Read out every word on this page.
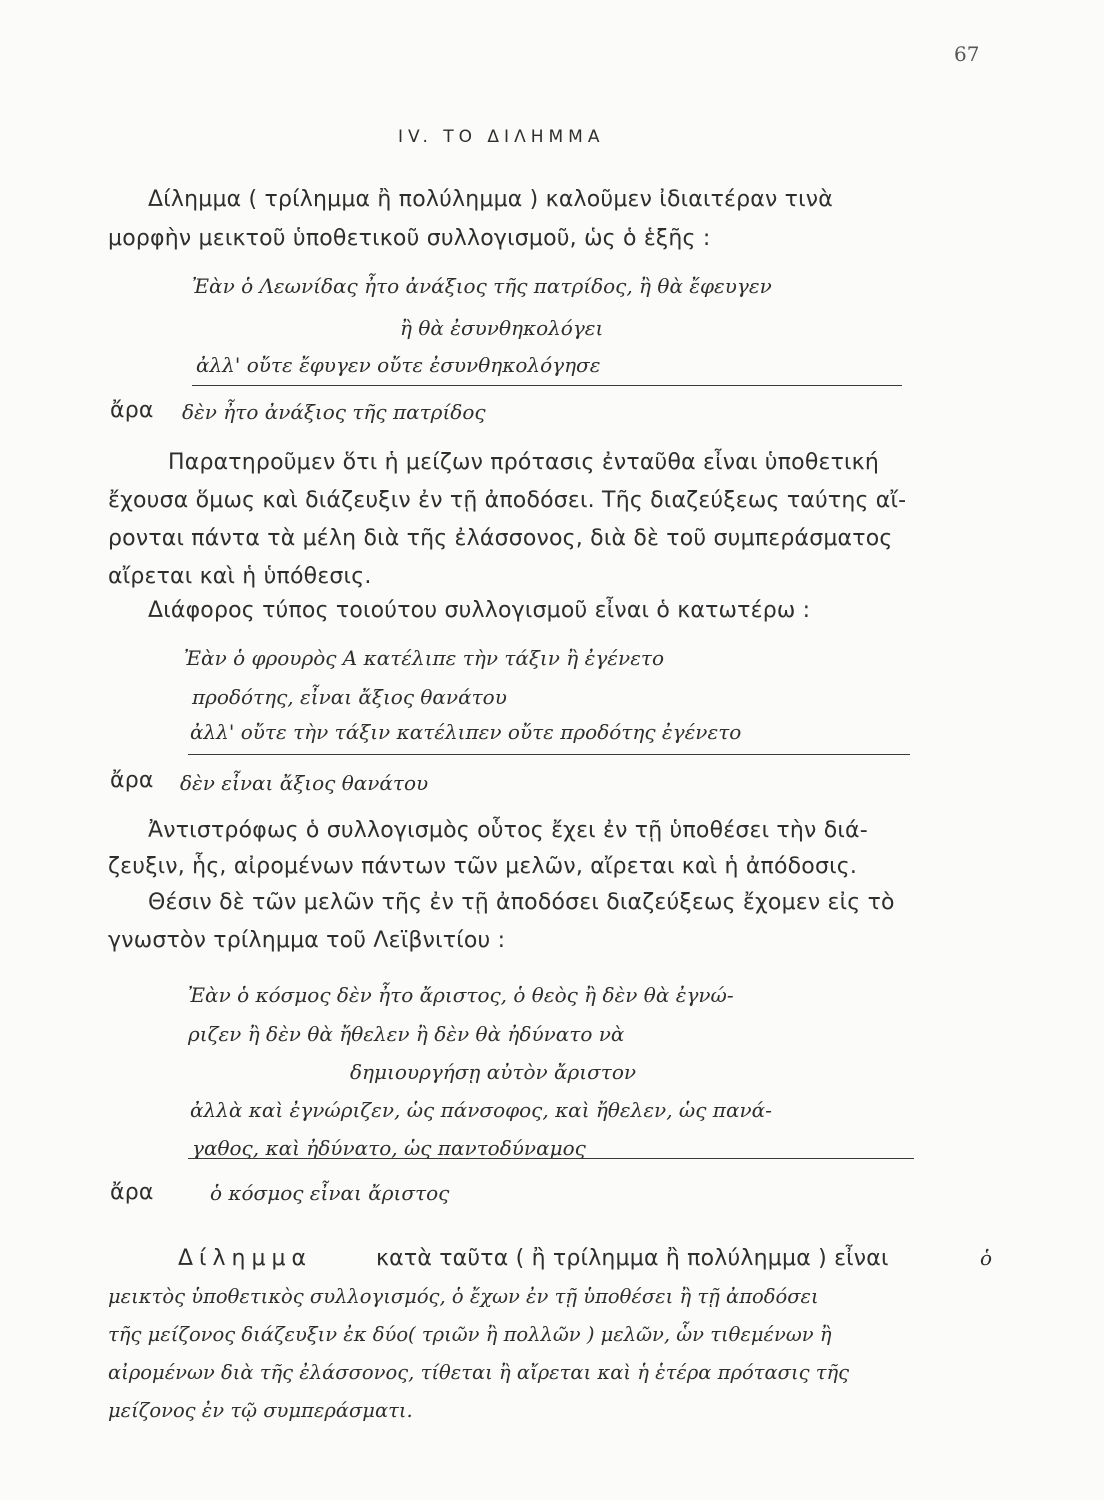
67
IV. ΤΟ ΔΙΛΗΜΜΑ
Δίλημμα ( τρίλημμα ἢ πολύλημμα ) καλοῦμεν ἰδιαιτέραν τινὰ
μορφὴν μεικτοῦ ὑποθετικοῦ συλλογισμοῦ, ὡς ὁ ἑξῆς :
Ἐὰν ὁ Λεωνίδας ἦτο ἀνάξιος τῆς πατρίδος, ἢ θὰ ἔφευγεν
ἢ θὰ ἐσυνθηκολόγει
ἀλλ' οὔτε ἔφυγεν οὔτε ἐσυνθηκολόγησε
ἄρα δὲν ἦτο ἀνάξιος τῆς πατρίδος
Παρατηροῦμεν ὅτι ἡ μείζων πρότασις ἐνταῦθα εἶναι ὑποθετική
ἔχουσα ὅμως καὶ διάζευξιν ἐν τῇ ἀποδόσει. Τῆς διαζεύξεως ταύτης αἴ-
ρονται πάντα τὰ μέλη διὰ τῆς ἐλάσσονος, διὰ δὲ τοῦ συμπεράσματος
αἴρεται καὶ ἡ ὑπόθεσις.
Διάφορος τύπος τοιούτου συλλογισμοῦ εἶναι ὁ κατωτέρω :
Ἐὰν ὁ φρουρὸς Α κατέλιπε τὴν τάξιν ἢ ἐγένετο
προδότης, εἶναι ἄξιος θανάτου
ἀλλ' οὔτε τὴν τάξιν κατέλιπεν οὔτε προδότης ἐγένετο
ἄρα δὲν εἶναι ἄξιος θανάτου
Ἀντιστρόφως ὁ συλλογισμὸς οὗτος ἔχει ἐν τῇ ὑποθέσει τὴν διά-
ζευξιν, ἧς, αἰρομένων πάντων τῶν μελῶν, αἴρεται καὶ ἡ ἀπόδοσις.
Θέσιν δὲ τῶν μελῶν τῆς ἐν τῇ ἀποδόσει διαζεύξεως ἔχομεν εἰς τὸ
γνωστὸν τρίλημμα τοῦ Λεϊβνιτίου :
Ἐὰν ὁ κόσμος δὲν ἦτο ἄριστος, ὁ θεὸς ἢ δὲν θὰ ἐγνώ-
ριζεν ἢ δὲν θὰ ἤθελεν ἢ δὲν θὰ ἠδύνατο νὰ
δημιουργήσῃ αὐτὸν ἄριστον
ἀλλὰ καὶ ἐγνώριζεν, ὡς πάνσοφος, καὶ ἤθελεν, ὡς πανά-
γαθος, καὶ ἠδύνατο, ὡς παντοδύναμος
ἄρα	ὁ κόσμος εἶναι ἄριστος
Δίλημμα	κατὰ ταῦτα ( ἢ τρίλημμα ἢ πολύλημμα ) εἶναι	ὁ
μεικτὸς ὑποθετικὸς συλλογισμός, ὁ ἔχων ἐν τῇ ὑποθέσει ἢ τῇ ἀποδόσει
τῆς μείζονος διάζευξιν ἐκ δύο( τριῶν ἢ πολλῶν ) μελῶν, ὧν τιθεμένων ἢ
αἰρομένων διὰ τῆς ἐλάσσονος, τίθεται ἢ αἴρεται καὶ ἡ ἑτέρα πρότασις τῆς
μείζονος ἐν τῷ συμπεράσματι.
